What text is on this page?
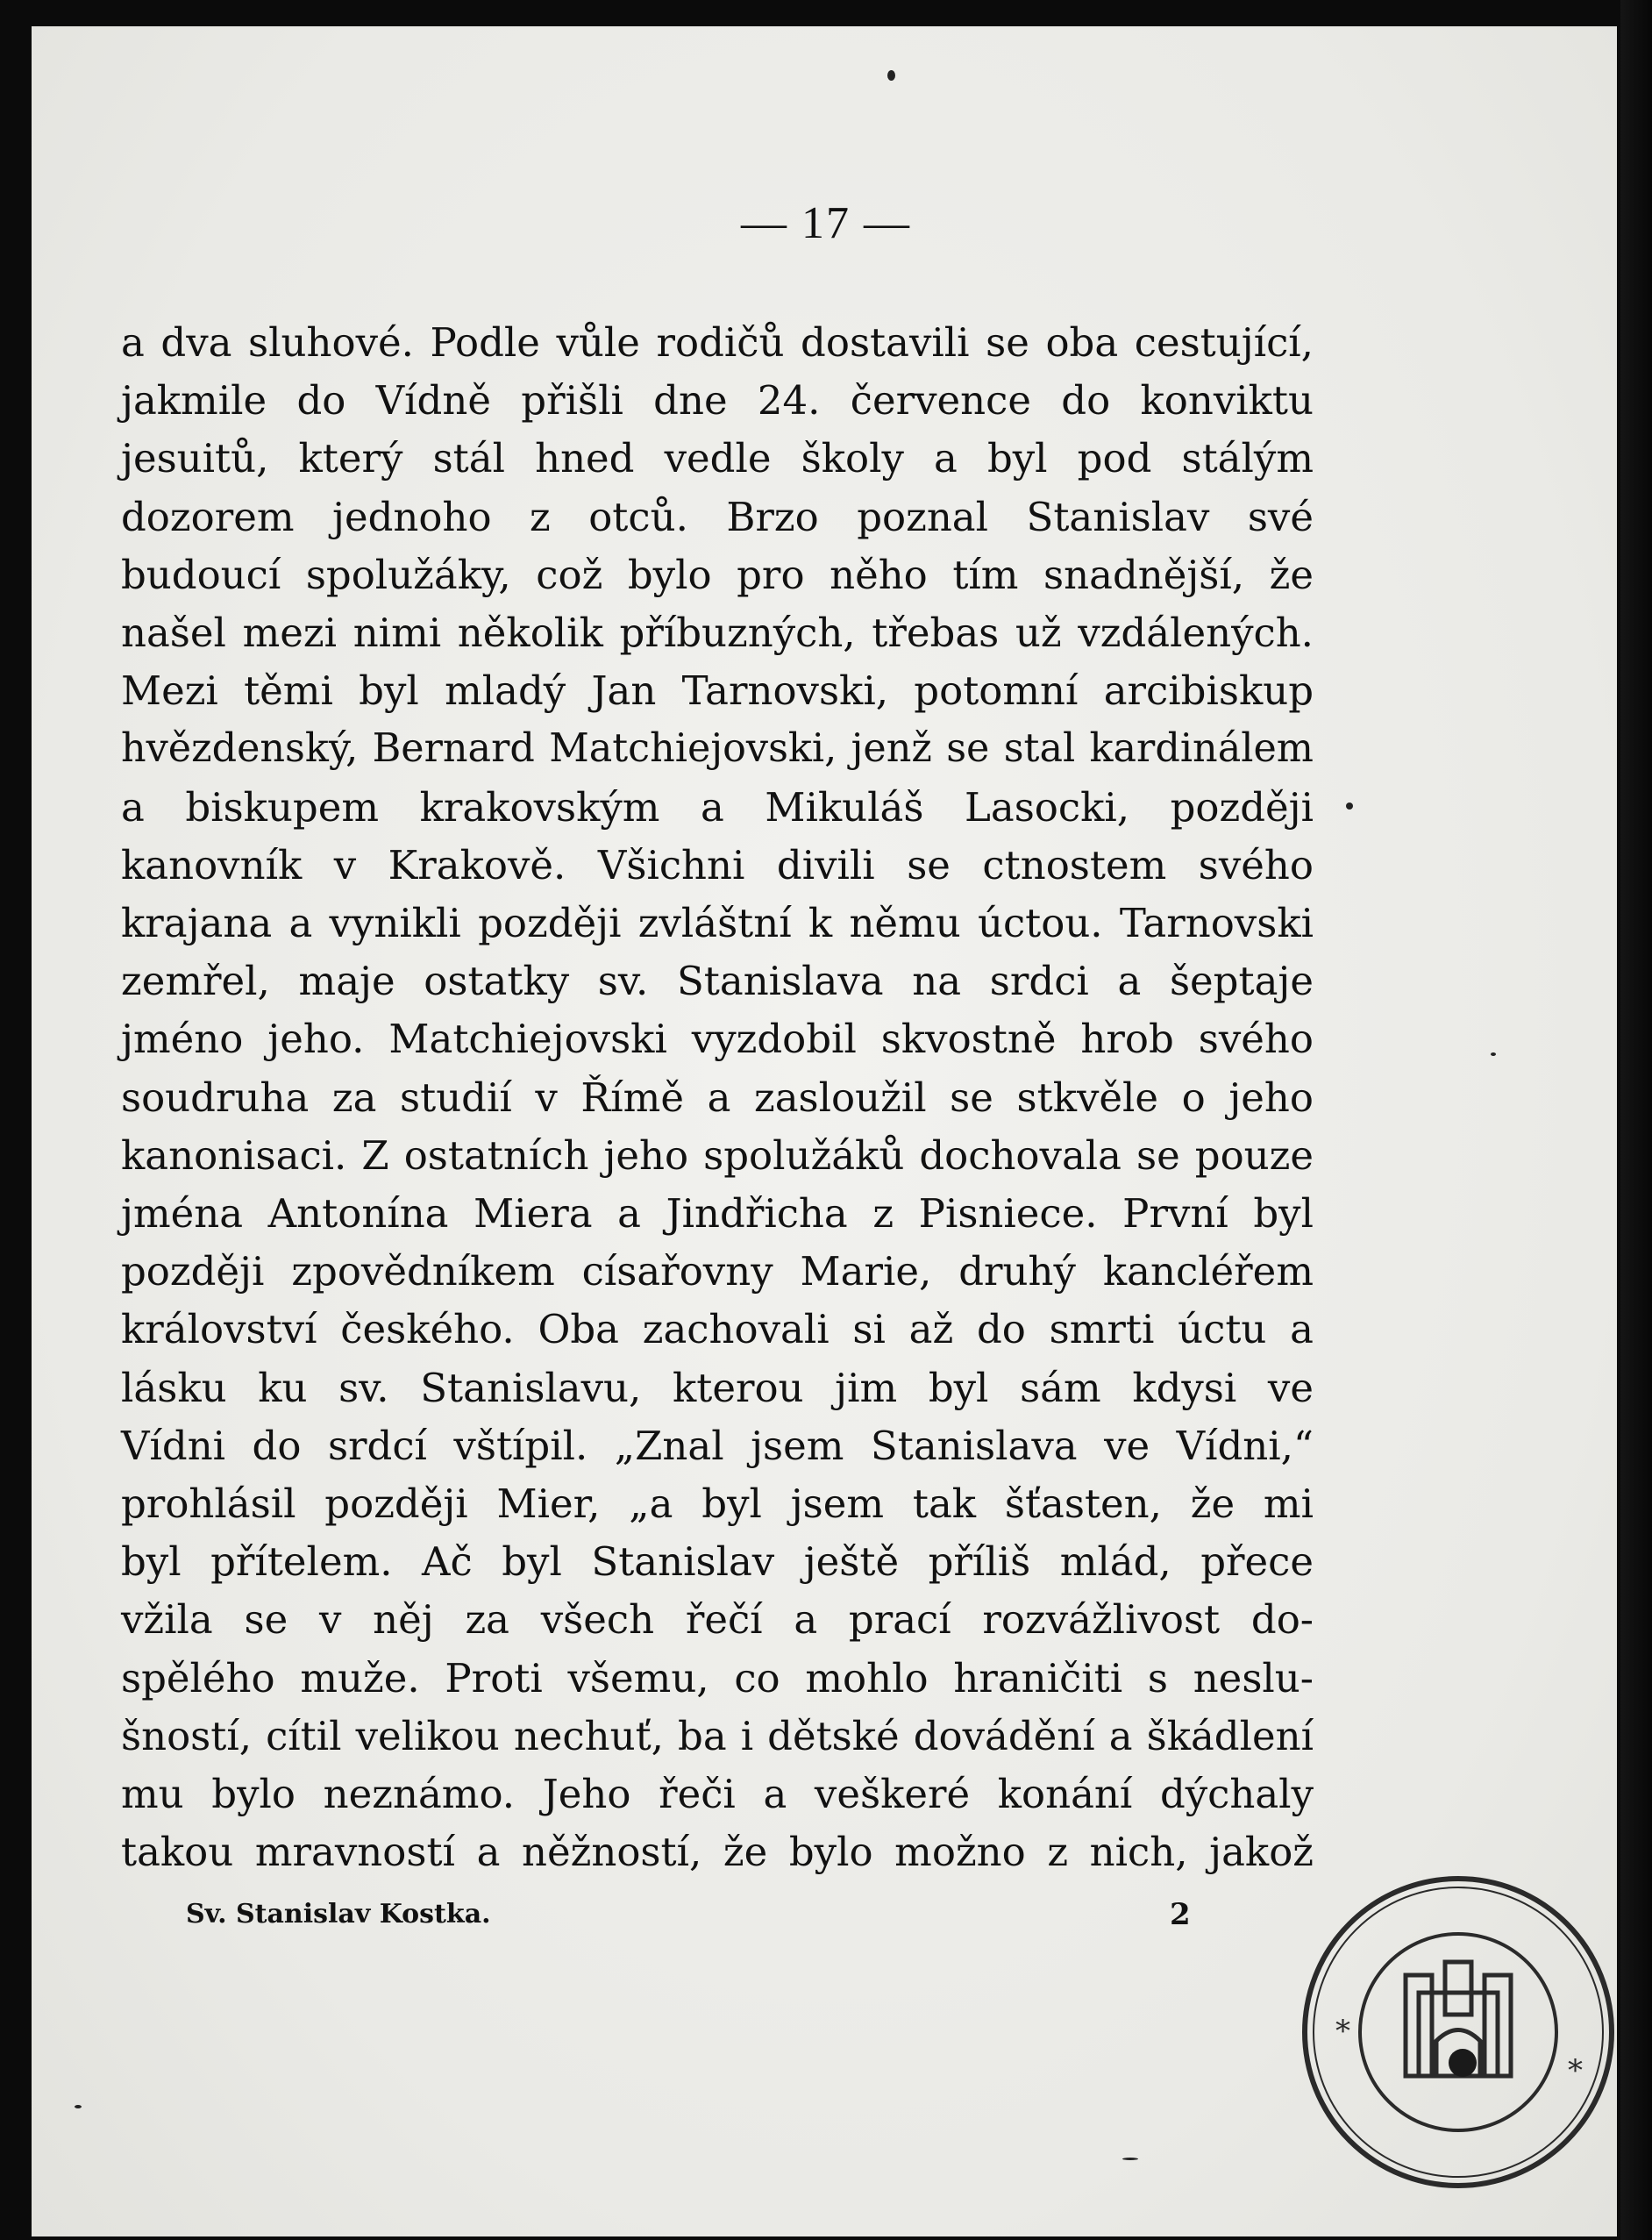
— 17 —
a dva sluhové. Podle vůle rodičů dostavili se oba cestující,
jakmile do Vídně přišli dne 24. července do konviktu
jesuitů, který stál hned vedle školy a byl pod stálým
dozorem jednoho z otců. Brzo poznal Stanislav své
budoucí spolužáky, což bylo pro něho tím snadnější, že
našel mezi nimi několik příbuzných, třebas už vzdálených.
Mezi těmi byl mladý Jan Tarnovski, potomní arcibiskup
hvězdenský, Bernard Matchiejovski, jenž se stal kardinálem
a biskupem krakovským a Mikuláš Lasocki, později
kanovník v Krakově. Všichni divili se ctnostem svého
krajana a vynikli později zvláštní k němu úctou. Tarnovski
zemřel, maje ostatky sv. Stanislava na srdci a šeptaje
jméno jeho. Matchiejovski vyzdobil skvostně hrob svého
soudruha za studií v Římě a zasloužil se stkvěle o jeho
kanonisaci. Z ostatních jeho spolužáků dochovala se pouze
jména Antonína Miera a Jindřicha z Pisniece. První byl
později zpovědníkem císařovny Marie, druhý kancléřem
království českého. Oba zachovali si až do smrti úctu a
lásku ku sv. Stanislavu, kterou jim byl sám kdysi ve
Vídni do srdcí vštípil. „Znal jsem Stanislava ve Vídni,“
prohlásil později Mier, „a byl jsem tak šťasten, že mi
byl přítelem. Ač byl Stanislav ještě příliš mlád, přece
vžila se v něj za všech řečí a prací rozvážlivost do-
spělého muže. Proti všemu, co mohlo hraničiti s neslu-
šností, cítil velikou nechuť, ba i dětské dovádění a škádlení
mu bylo neznámo. Jeho řeči a veškeré konání dýchaly
takou mravností a něžností, že bylo možno z nich, jakož
Sv. Stanislav Kostka.	2
*
*
